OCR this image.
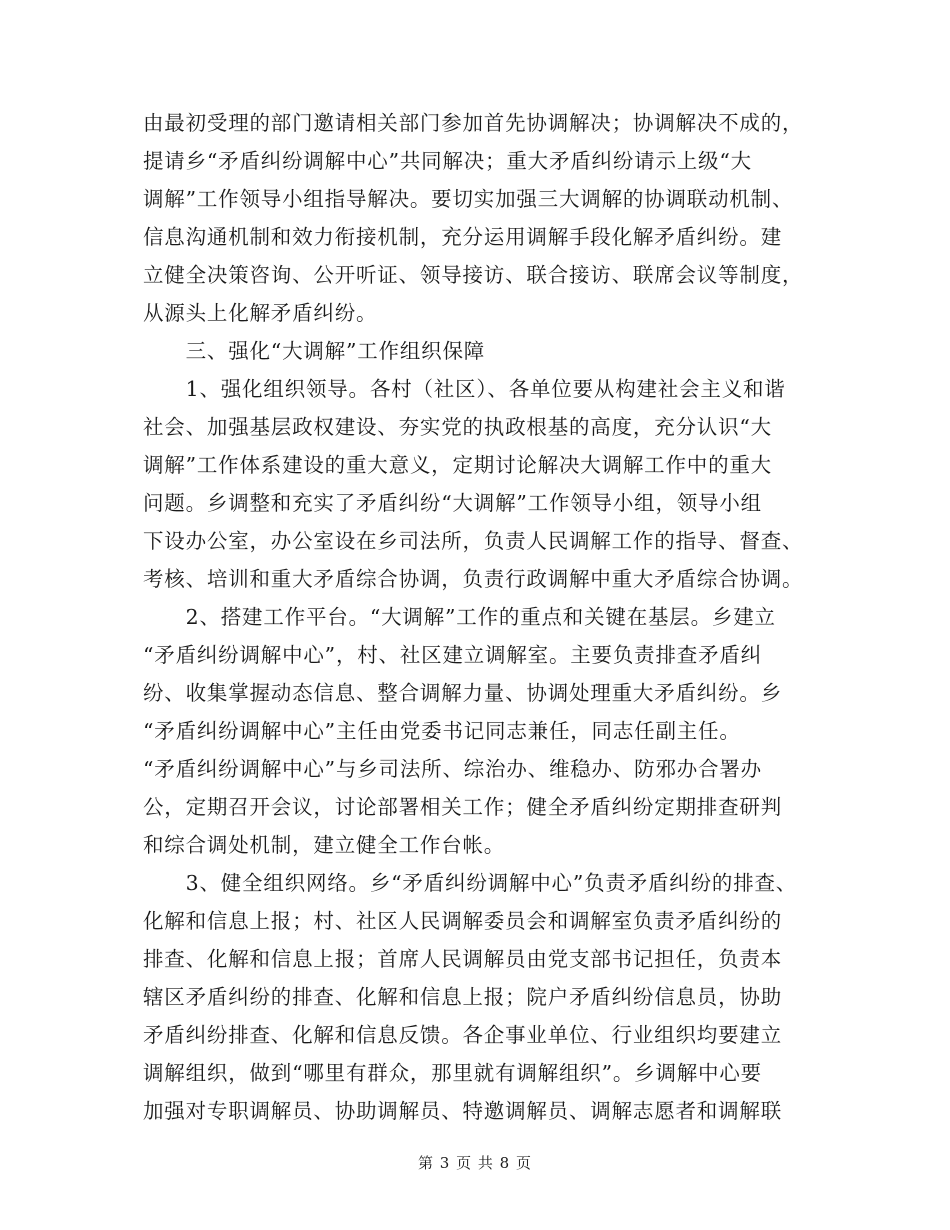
由最初受理的部门邀请相关部门参加首先协调解决；协调解决不成的，
提请乡“矛盾纠纷调解中心”共同解决；重大矛盾纠纷请示上级“大
调解”工作领导小组指导解决。要切实加强三大调解的协调联动机制、
信息沟通机制和效力衔接机制，充分运用调解手段化解矛盾纠纷。建
立健全决策咨询、公开听证、领导接访、联合接访、联席会议等制度，
从源头上化解矛盾纠纷。
　　三、强化“大调解”工作组织保障
　　1、强化组织领导。各村（社区）、各单位要从构建社会主义和谐
社会、加强基层政权建设、夯实党的执政根基的高度，充分认识“大
调解”工作体系建设的重大意义，定期讨论解决大调解工作中的重大
问题。乡调整和充实了矛盾纠纷“大调解”工作领导小组，领导小组
下设办公室，办公室设在乡司法所，负责人民调解工作的指导、督查、
考核、培训和重大矛盾综合协调，负责行政调解中重大矛盾综合协调。
　　2、搭建工作平台。“大调解”工作的重点和关键在基层。乡建立
“矛盾纠纷调解中心”，村、社区建立调解室。主要负责排查矛盾纠
纷、收集掌握动态信息、整合调解力量、协调处理重大矛盾纠纷。乡
“矛盾纠纷调解中心”主任由党委书记同志兼任，同志任副主任。
“矛盾纠纷调解中心”与乡司法所、综治办、维稳办、防邪办合署办
公，定期召开会议，讨论部署相关工作；健全矛盾纠纷定期排查研判
和综合调处机制，建立健全工作台帐。
　　3、健全组织网络。乡“矛盾纠纷调解中心”负责矛盾纠纷的排查、
化解和信息上报；村、社区人民调解委员会和调解室负责矛盾纠纷的
排查、化解和信息上报；首席人民调解员由党支部书记担任，负责本
辖区矛盾纠纷的排查、化解和信息上报；院户矛盾纠纷信息员，协助
矛盾纠纷排查、化解和信息反馈。各企事业单位、行业组织均要建立
调解组织，做到“哪里有群众，那里就有调解组织”。乡调解中心要
加强对专职调解员、协助调解员、特邀调解员、调解志愿者和调解联
第 3 页 共 8 页
